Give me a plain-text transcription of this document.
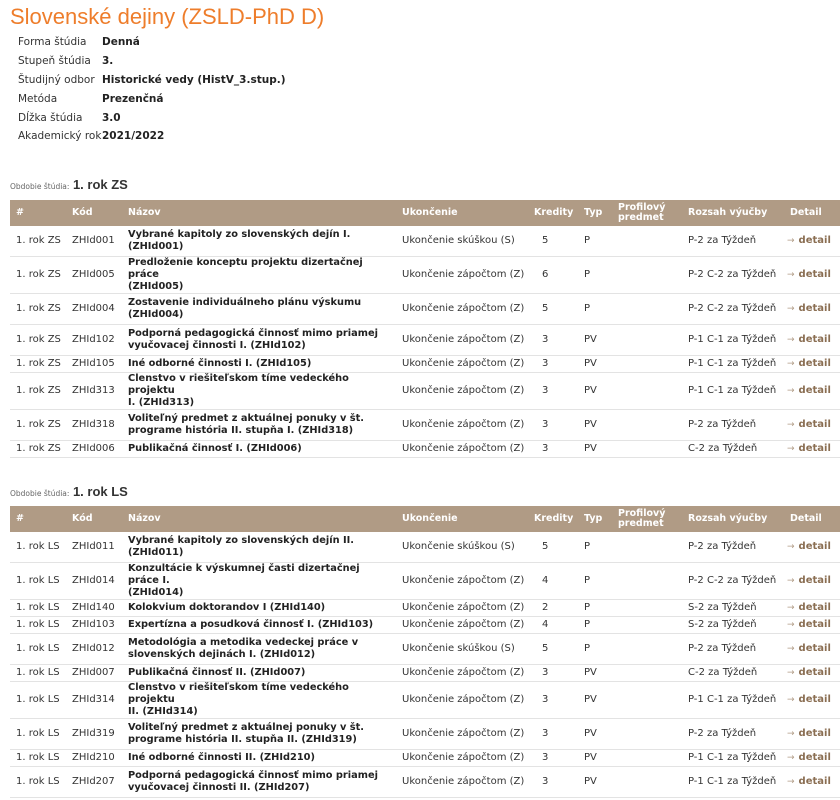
Slovenské dejiny (ZSLD-PhD D)
Forma štúdia	Denná
Stupeň štúdia	3.
Študijný odbor	Historické vedy (HistV_3.stup.)
Metóda	Prezenčná
Dĺžka štúdia	3.0
Akademický rok	2021/2022
Obdobie štúdia: 1. rok ZS
#	Kód	Názov	Ukončenie	Kredity	Typ	Profilový predmet	Rozsah výučby	Detail
1. rok ZS	ZHId001	Vybrané kapitoly zo slovenských dejín I.
(ZHId001)	Ukončenie skúškou (S)	5	P		P-2 za Týždeň	→ detail
1. rok ZS	ZHId005	Predloženie konceptu projektu dizertačnej práce
(ZHId005)	Ukončenie zápočtom (Z)	6	P		P-2 C-2 za Týždeň	→ detail
1. rok ZS	ZHId004	Zostavenie individuálneho plánu výskumu
(ZHId004)	Ukončenie zápočtom (Z)	5	P		P-2 C-2 za Týždeň	→ detail
1. rok ZS	ZHId102	Podporná pedagogická činnosť mimo priamej
vyučovacej činnosti I. (ZHId102)	Ukončenie zápočtom (Z)	3	PV		P-1 C-1 za Týždeň	→ detail
1. rok ZS	ZHId105	Iné odborné činnosti I. (ZHId105)	Ukončenie zápočtom (Z)	3	PV		P-1 C-1 za Týždeň	→ detail
1. rok ZS	ZHId313	Členstvo v riešiteľskom tíme vedeckého projektu
I. (ZHId313)	Ukončenie zápočtom (Z)	3	PV		P-1 C-1 za Týždeň	→ detail
1. rok ZS	ZHId318	Voliteľný predmet z aktuálnej ponuky v št.
programe história II. stupňa I. (ZHId318)	Ukončenie zápočtom (Z)	3	PV		P-2 za Týždeň	→ detail
1. rok ZS	ZHId006	Publikačná činnosť I. (ZHId006)	Ukončenie zápočtom (Z)	3	PV		C-2 za Týždeň	→ detail
Obdobie štúdia: 1. rok LS
#	Kód	Názov	Ukončenie	Kredity	Typ	Profilový predmet	Rozsah výučby	Detail
1. rok LS	ZHId011	Vybrané kapitoly zo slovenských dejín II.
(ZHId011)	Ukončenie skúškou (S)	5	P		P-2 za Týždeň	→ detail
1. rok LS	ZHId014	Konzultácie k výskumnej časti dizertačnej práce I.
(ZHId014)	Ukončenie zápočtom (Z)	4	P		P-2 C-2 za Týždeň	→ detail
1. rok LS	ZHId140	Kolokvium doktorandov I (ZHId140)	Ukončenie zápočtom (Z)	2	P		S-2 za Týždeň	→ detail
1. rok LS	ZHId103	Expertízna a posudková činnosť I. (ZHId103)	Ukončenie zápočtom (Z)	4	P		S-2 za Týždeň	→ detail
1. rok LS	ZHId012	Metodológia a metodika vedeckej práce v
slovenských dejinách I. (ZHId012)	Ukončenie skúškou (S)	5	P		P-2 za Týždeň	→ detail
1. rok LS	ZHId007	Publikačná činnosť II. (ZHId007)	Ukončenie zápočtom (Z)	3	PV		C-2 za Týždeň	→ detail
1. rok LS	ZHId314	Členstvo v riešiteľskom tíme vedeckého projektu
II. (ZHId314)	Ukončenie zápočtom (Z)	3	PV		P-1 C-1 za Týždeň	→ detail
1. rok LS	ZHId319	Voliteľný predmet z aktuálnej ponuky v št.
programe história II. stupňa II. (ZHId319)	Ukončenie zápočtom (Z)	3	PV		P-2 za Týždeň	→ detail
1. rok LS	ZHId210	Iné odborné činnosti II. (ZHId210)	Ukončenie zápočtom (Z)	3	PV		P-1 C-1 za Týždeň	→ detail
1. rok LS	ZHId207	Podporná pedagogická činnosť mimo priamej
vyučovacej činnosti II. (ZHId207)	Ukončenie zápočtom (Z)	3	PV		P-1 C-1 za Týždeň	→ detail
